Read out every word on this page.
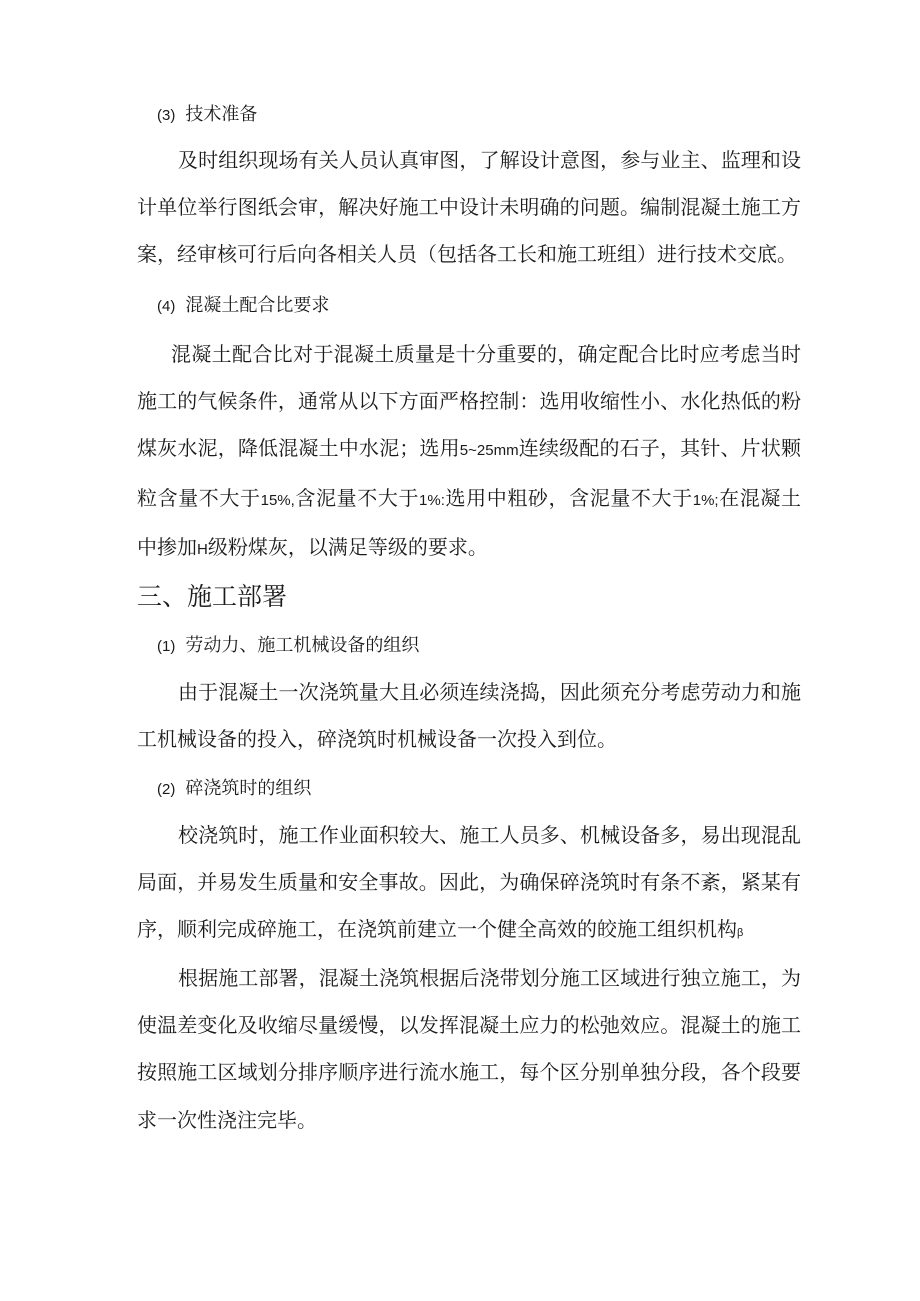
(3) 技术准备

及时组织现场有关人员认真审图，了解设计意图，参与业主、监理和设计单位举行图纸会审，解决好施工中设计未明确的问题。编制混凝土施工方案，经审核可行后向各相关人员（包括各工长和施工班组）进行技术交底。

(4) 混凝土配合比要求

混凝土配合比对于混凝土质量是十分重要的，确定配合比时应考虑当时施工的气候条件，通常从以下方面严格控制：选用收缩性小、水化热低的粉煤灰水泥，降低混凝土中水泥；选用5~25mm连续级配的石子，其针、片状颗粒含量不大于15%,含泥量不大于1%:选用中粗砂，含泥量不大于1%;在混凝土中掺加H级粉煤灰，以满足等级的要求。

三、施工部署
(1) 劳动力、施工机械设备的组织

由于混凝土一次浇筑量大且必须连续浇捣，因此须充分考虑劳动力和施工机械设备的投入，碎浇筑时机械设备一次投入到位。

(2) 碎浇筑时的组织

校浇筑时，施工作业面积较大、施工人员多、机械设备多，易出现混乱局面，并易发生质量和安全事故。因此，为确保碎浇筑时有条不紊，紧某有序，顺利完成碎施工，在浇筑前建立一个健全高效的皎施工组织机构β

根据施工部署，混凝土浇筑根据后浇带划分施工区域进行独立施工，为使温差变化及收缩尽量缓慢，以发挥混凝土应力的松弛效应。混凝土的施工按照施工区域划分排序顺序进行流水施工，每个区分别单独分段，各个段要求一次性浇注完毕。
